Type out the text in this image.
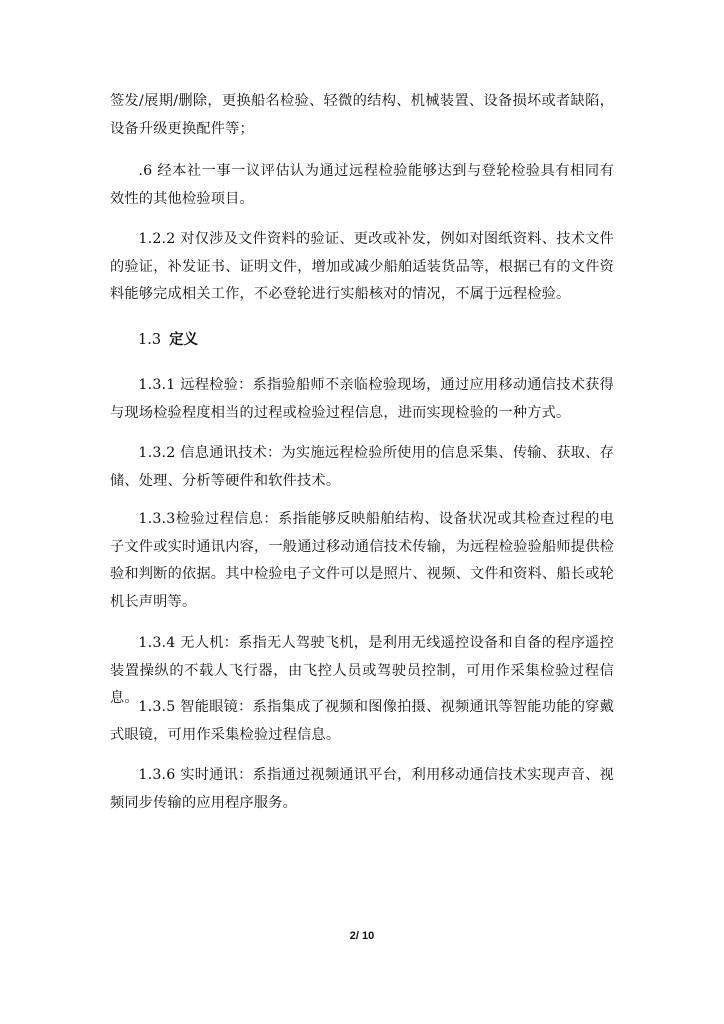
签发/展期/删除，更换船名检验、轻微的结构、机械装置、设备损坏或者缺陷，设备升级更换配件等；

.6 经本社一事一议评估认为通过远程检验能够达到与登轮检验具有相同有效性的其他检验项目。

1.2.2 对仅涉及文件资料的验证、更改或补发，例如对图纸资料、技术文件的验证，补发证书、证明文件，增加或减少船舶适装货品等，根据已有的文件资料能够完成相关工作，不必登轮进行实船核对的情况，不属于远程检验。

1.3 定义

1.3.1 远程检验：系指验船师不亲临检验现场，通过应用移动通信技术获得与现场检验程度相当的过程或检验过程信息，进而实现检验的一种方式。

1.3.2 信息通讯技术：为实施远程检验所使用的信息采集、传输、获取、存储、处理、分析等硬件和软件技术。

1.3.3检验过程信息：系指能够反映船舶结构、设备状况或其检查过程的电子文件或实时通讯内容，一般通过移动通信技术传输，为远程检验验船师提供检验和判断的依据。其中检验电子文件可以是照片、视频、文件和资料、船长或轮机长声明等。

1.3.4 无人机：系指无人驾驶飞机，是利用无线遥控设备和自备的程序遥控装置操纵的不载人飞行器，由飞控人员或驾驶员控制，可用作采集检验过程信息。

1.3.5 智能眼镜：系指集成了视频和图像拍摄、视频通讯等智能功能的穿戴式眼镜，可用作采集检验过程信息。

1.3.6 实时通讯：系指通过视频通讯平台，利用移动通信技术实现声音、视频同步传输的应用程序服务。

2/ 10
